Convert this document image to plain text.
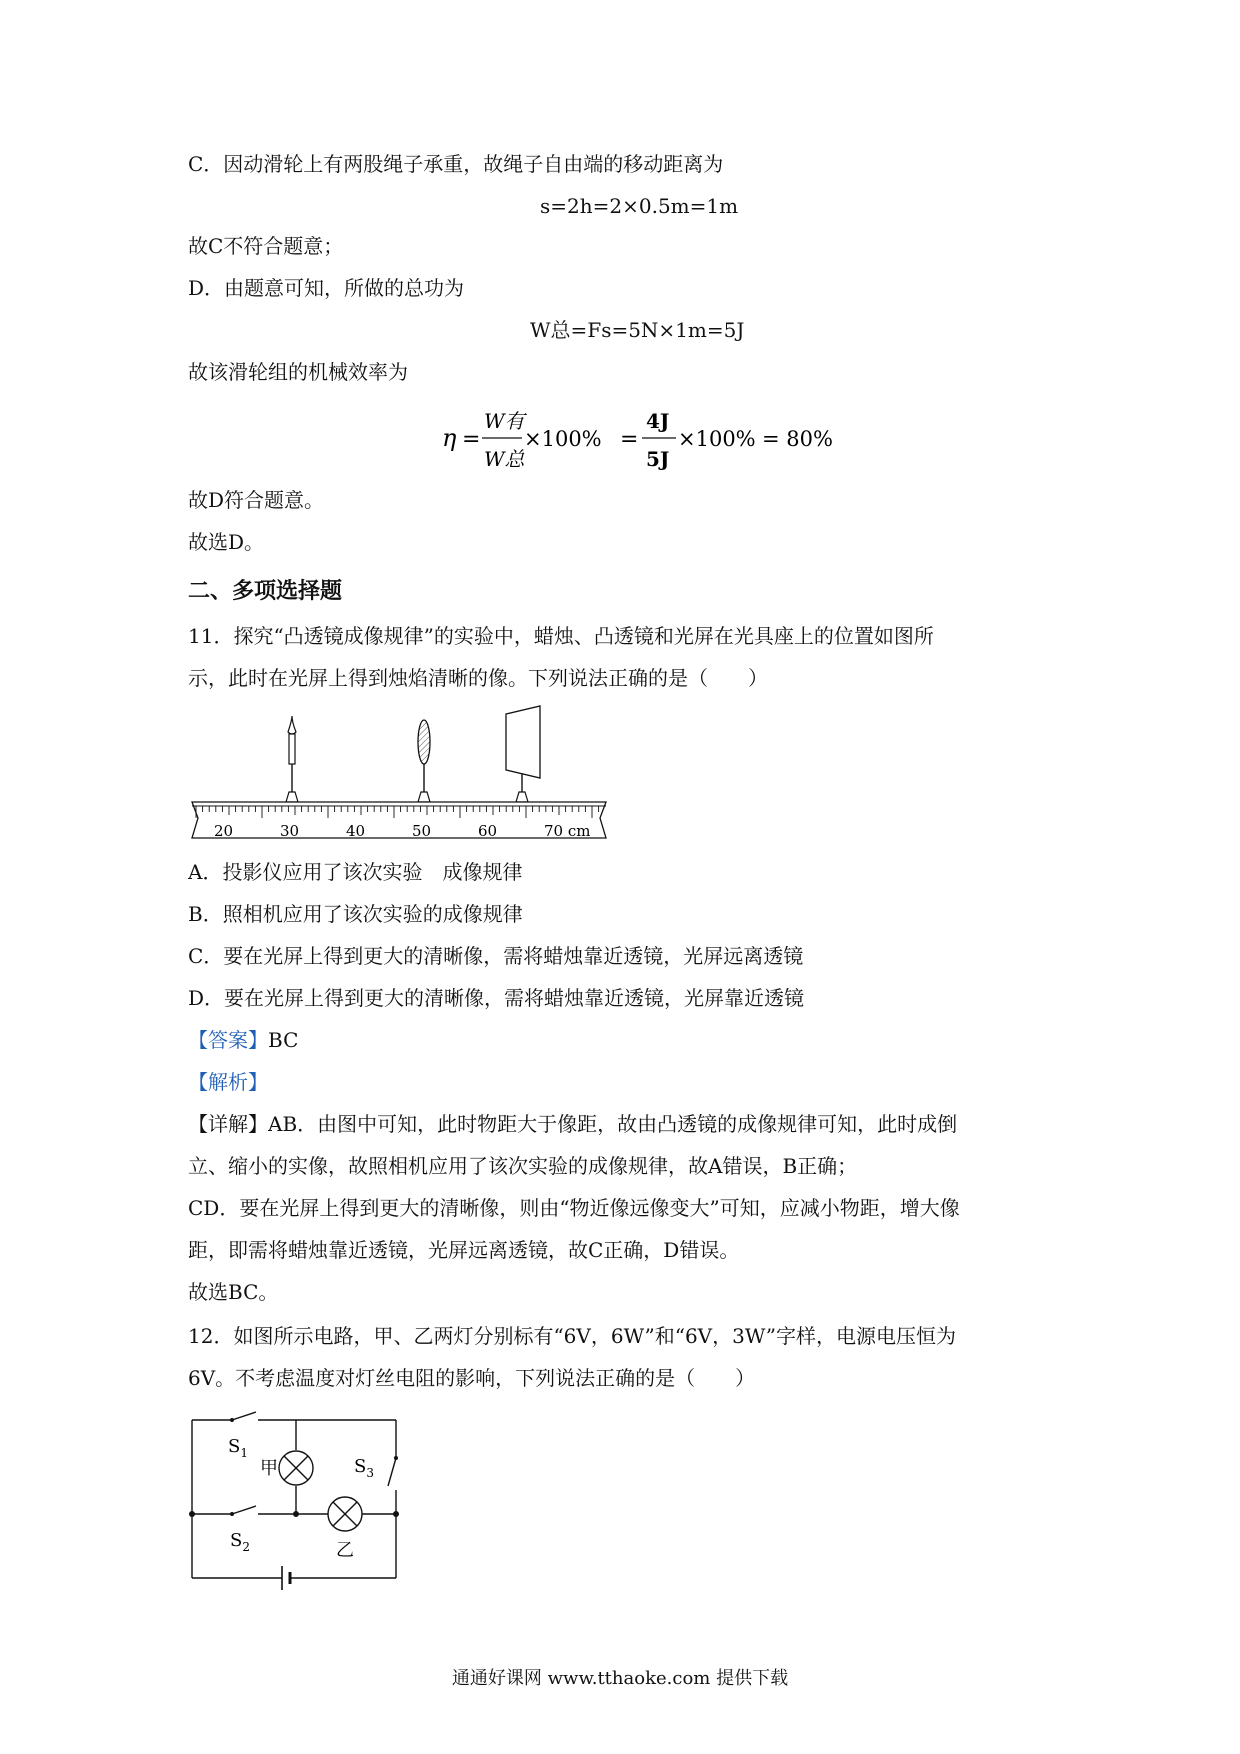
C．因动滑轮上有两股绳子承重，故绳子自由端的移动距离为
s=2h=2×0.5m=1m
故C不符合题意；
D．由题意可知，所做的总功为
W总=Fs=5N×1m=5J
故该滑轮组的机械效率为
η =
W有
W总
×100% =
4J
5J
×100% = 80%
故D符合题意。
故选D。
二、多项选择题
11．探究“凸透镜成像规律”的实验中，蜡烛、凸透镜和光屏在光具座上的位置如图所
示，此时在光屏上得到烛焰清晰的像。下列说法正确的是（　　）
20	30	40	50	60	70 cm
A．投影仪应用了该次实验　成像规律
B．照相机应用了该次实验的成像规律
C．要在光屏上得到更大的清晰像，需将蜡烛靠近透镜，光屏远离透镜
D．要在光屏上得到更大的清晰像，需将蜡烛靠近透镜，光屏靠近透镜
【答案】BC
【解析】
【详解】AB．由图中可知，此时物距大于像距，故由凸透镜的成像规律可知，此时成倒
立、缩小的实像，故照相机应用了该次实验的成像规律，故A错误，B正确；
CD．要在光屏上得到更大的清晰像，则由“物近像远像变大”可知，应减小物距，增大像
距，即需将蜡烛靠近透镜，光屏远离透镜，故C正确，D错误。
故选BC。
12．如图所示电路，甲、乙两灯分别标有“6V，6W”和“6V，3W”字样，电源电压恒为
6V。不考虑温度对灯丝电阻的影响，下列说法正确的是（　　）
$S_1$
$S_2$
$S_3$
甲
乙
通通好课网 www.tthaoke.com 提供下载
